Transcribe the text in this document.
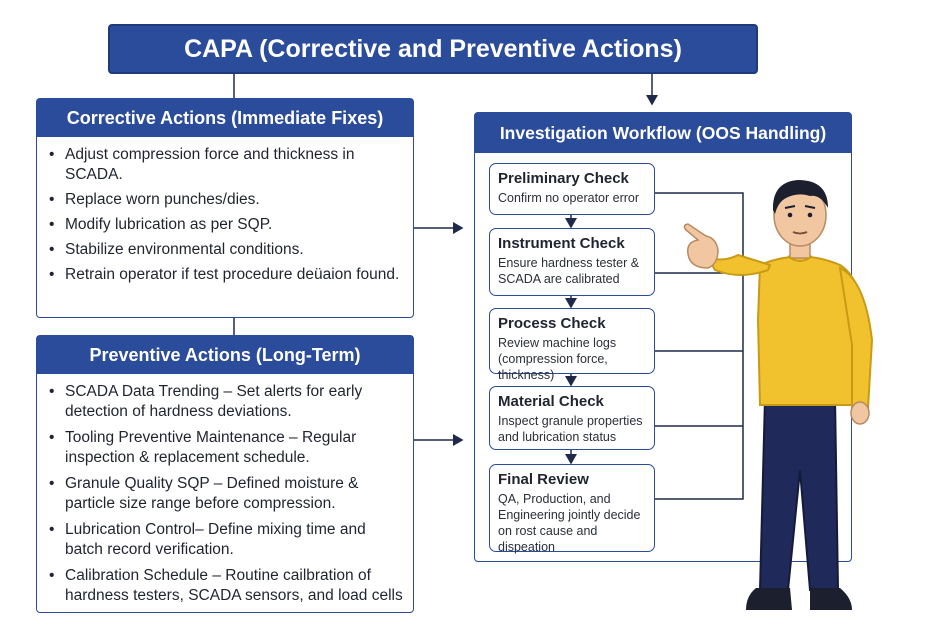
CAPA (Corrective and Preventive Actions)
Corrective Actions (Immediate Fixes)
• Adjust compression force and thickness in SCADA.
• Replace worn punches/dies.
• Modify lubrication as per SQP.
• Stabilize environmental conditions.
• Retrain operator if test procedure deüaion found.
Preventive Actions (Long-Term)
• SCADA Data Trending – Set alerts for early detection of hardness deviations.
• Tooling Preventive Maintenance – Regular inspection & replacement schedule.
• Granule Quality SQP – Defined moisture & particle size range before compression.
• Lubrication Control– Define mixing time and batch record verification.
• Calibration Schedule – Routine cailbration of hardness testers, SCADA sensors, and load cells
Investigation Workflow (OOS Handling)
Preliminary Check
Confirm no operator error
Instrument Check
Ensure hardness tester & SCADA are calibrated
Process Check
Review machine logs (compression force, thickness)
Material Check
Inspect granule properties and lubrication status
Final Review
QA, Production, and Engineering jointly decide on rost cause and dispeation
